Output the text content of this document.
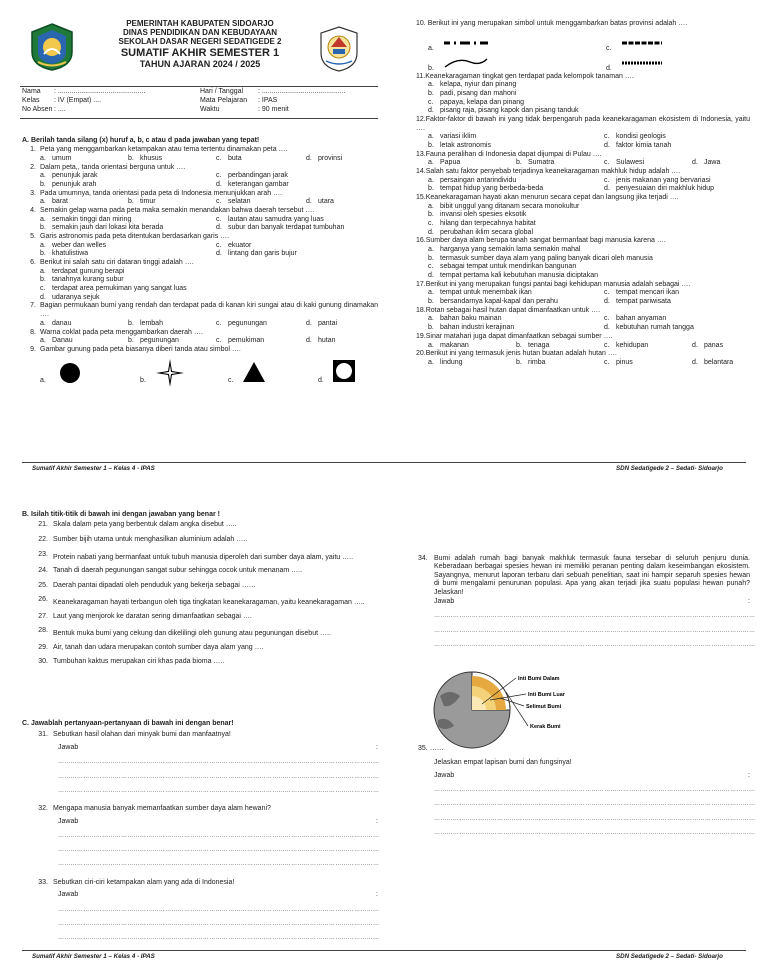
PEMERINTAH KABUPATEN SIDOARJO
DINAS PENDIDIKAN DAN KEBUDAYAAN
SEKOLAH DASAR NEGERI SEDATIGEDE 2
SUMATIF AKHIR SEMESTER 1
TAHUN AJARAN 2024 / 2025
Nama : .............................................
Kelas : IV (Empat) ....
No Absen : ....
Hari / Tanggal : ...........................................
Mata Pelajaran : IPAS
Waktu	: 90 menit
A. Berilah tanda silang (x) huruf a, b, c atau d pada jawaban yang tepat!
1. Peta yang menggambarkan ketampakan atau tema tertentu dinamakan peta ….
a. umum	b. khusus	c. buta	d. provinsi
2. Dalam peta,, tanda orientasi berguna untuk ….
a. penunjuk jarak	c. perbandingan jarak
b. penunjuk arah	d. keterangan gambar
3. Pada umumnya, tanda orientasi pada peta di Indonesia menunjukkan arah ….
a. barat	b. timur	c. selatan	d. utara
4. Semakin gelap warna pada peta maka semakin menandakan bahwa daerah tersebut ….
a. semakin tinggi dan miring	c. lautan atau samudra yang luas
b. semakin jauh dari lokasi kita berada	d. subur dan banyak terdapat tumbuhan
5. Garis astronomis pada peta ditentukan berdasarkan garis ….
a. weber dan welles	c. ekuator
b. khatulistiwa	d. lintang dan garis bujur
6. Berikut ini salah satu ciri dataran tinggi adalah ….
a. terdapat gunung berapi
b. tanahnya kurang subur
c. terdapat area pemukiman yang sangat luas
d. udaranya sejuk
7. Bagian permukaan bumi yang rendah dan terdapat pada di kanan kiri sungai atau di kaki gunung dinamakan ….
a. danau	b. lembah	c. pegunungan	d. pantai
8. Warna coklat pada peta menggambarkan daerah ….
a. Danau	b. pegunungan	c. pemukiman	d. hutan
9. Gambar gunung pada peta biasanya diberi tanda atau simbol ….
a.	b.	c.	d.
10. Berikut ini yang merupakan simbol untuk menggambarkan batas provinsi adalah ….
a.	c.
b.	d.
11.Keanekaragaman tingkat gen terdapat pada kelompok tanaman ….
a. kelapa, nyiur dan pinang
b. padi, pisang dan mahoni
c. papaya, kelapa dan pinang
d. pisang raja, pisang kapok dan pisang tanduk
12.Faktor-faktor di bawah ini yang tidak berpengaruh pada keanekaragaman ekosistem di Indonesia, yaitu ….
a. variasi iklim	c. kondisi geologis
b. letak astronomis	d. faktor kimia tanah
13.Fauna peralihan di Indonesia dapat dijumpai di Pulau ….
a. Papua	b. Sumatra	c. Sulawesi	d. Jawa
14.Salah satu faktor penyebab terjadinya keanekaragaman makhluk hidup adalah ….
a. persaingan antarindividu	c. jenis makanan yang bervariasi
b. tempat hidup yang berbeda-beda	d. penyesuaian diri makhluk hidup
15.Keanekaragaman hayati akan menurun secara cepat dan langsung jika terjadi ….
a. bibit unggul yang ditanam secara monokultur
b. invansi oleh spesies eksotik
c. hilang dan terpecahnya habitat
d. perubahan iklim secara global
16.Sumber daya alam berupa tanah sangat bermanfaat bagi manusia karena ….
a. harganya yang semakin lama semakin mahal
b. termasuk sumber daya alam yang paling banyak dicari oleh manusia
c. sebagai tempat untuk mendirikan bangunan
d. tempat pertama kali kebutuhan manusia diciptakan
17.Berikut ini yang merupakan fungsi pantai bagi kehidupan manusia adalah sebagai ….
a. tempat untuk menembak ikan	c. tempat mencari ikan
b. bersandarnya kapal-kapal dan perahu	d. tempat pariwisata
18.Rotan sebagai hasil hutan dapat dimanfaatkan untuk ….
a. bahan baku mainan	c. bahan anyaman
b. bahan industri kerajinan	d. kebutuhan rumah tangga
19.Sinar matahari juga dapat dimanfaatkan sebagai sumber ….
a. makanan	b. tenaga	c. kehidupan	d. panas
20.Berikut ini yang termasuk jenis hutan buatan adalah hutan ….
a. lindung	b. rimba	c. pinus	d. belantara
Sumatif Akhir Semester 1 – Kelas 4 - IPAS	SDN Sedatigede 2 – Sedati- Sidoarjo
B. Isilah titik-titik di bawah ini dengan jawaban yang benar !
21. Skala dalam peta yang berbentuk dalam angka disebut …..
22. Sumber bijih utama untuk menghasilkan aluminium adalah …..
23. Protein nabati yang bermanfaat untuk tubuh manusia diperoleh dari sumber daya alam, yaitu …..
24. Tanah di daerah pegunungan sangat subur sehingga cocok untuk menanam …..
25. Daerah pantai dipadati oleh penduduk yang bekerja sebagai ……
26. Keanekaragaman hayati terbangun oleh tiga tingkatan keanekaragaman, yaitu keanekaragaman …..
27. Laut yang menjorok ke daratan sering dimanfaatkan sebagai ….
28. Bentuk muka bumi yang cekung dan dikelilingi oleh gunung atau pegunungan disebut …..
29. Air, tanah dan udara merupakan contoh sumber daya alam yang ….
30. Tumbuhan kaktus merupakan ciri khas pada bioma …..
C. Jawablah pertanyaan-pertanyaan di bawah ini dengan benar!
31. Sebutkan hasil olahan dari minyak bumi dan manfaatnya!
Jawab	:
………………………………………………………………………………………………………………………………………
………………………………………………………………………………………………………………………………………
………………………………………………………………………………………………………………………………………
32. Mengapa manusia banyak memanfaatkan sumber daya alam hewani?
Jawab	:
………………………………………………………………………………………………………………………………………
………………………………………………………………………………………………………………………………………
………………………………………………………………………………………………………………………………………
33. Sebutkan ciri-ciri ketampakan alam yang ada di Indonesia!
Jawab	:
………………………………………………………………………………………………………………………………………
………………………………………………………………………………………………………………………………………
………………………………………………………………………………………………………………………………………
34. Bumi adalah rumah bagi banyak makhluk termasuk fauna tersebar di seluruh penjuru dunia. Keberadaan berbagai spesies hewan ini memiliki peranan penting dalam keseimbangan ekosistem. Sayangnya, menurut laporan terbaru dari sebuah penelitian, saat ini hampir separuh spesies hewan di bumi mengalami penurunan populasi. Apa yang akan terjadi jika suatu populasi hewan punah? Jelaskan!
Jawab	:
………………………………………………………………………………………………………………………………………
………………………………………………………………………………………………………………………………………
………………………………………………………………………………………………………………………………………
Inti Bumi Dalam
Inti Bumi Luar
Selimut Bumi
Kerak Bumi
35. ……
Jelaskan empat lapisan bumi dan fungsinya!
Jawab	:
………………………………………………………………………………………………………………………………………
………………………………………………………………………………………………………………………………………
………………………………………………………………………………………………………………………………………
………………………………………………………………………………………………………………………………………
Sumatif Akhir Semester 1 – Kelas 4 - IPAS	SDN Sedatigede 2 – Sedati- Sidoarjo
